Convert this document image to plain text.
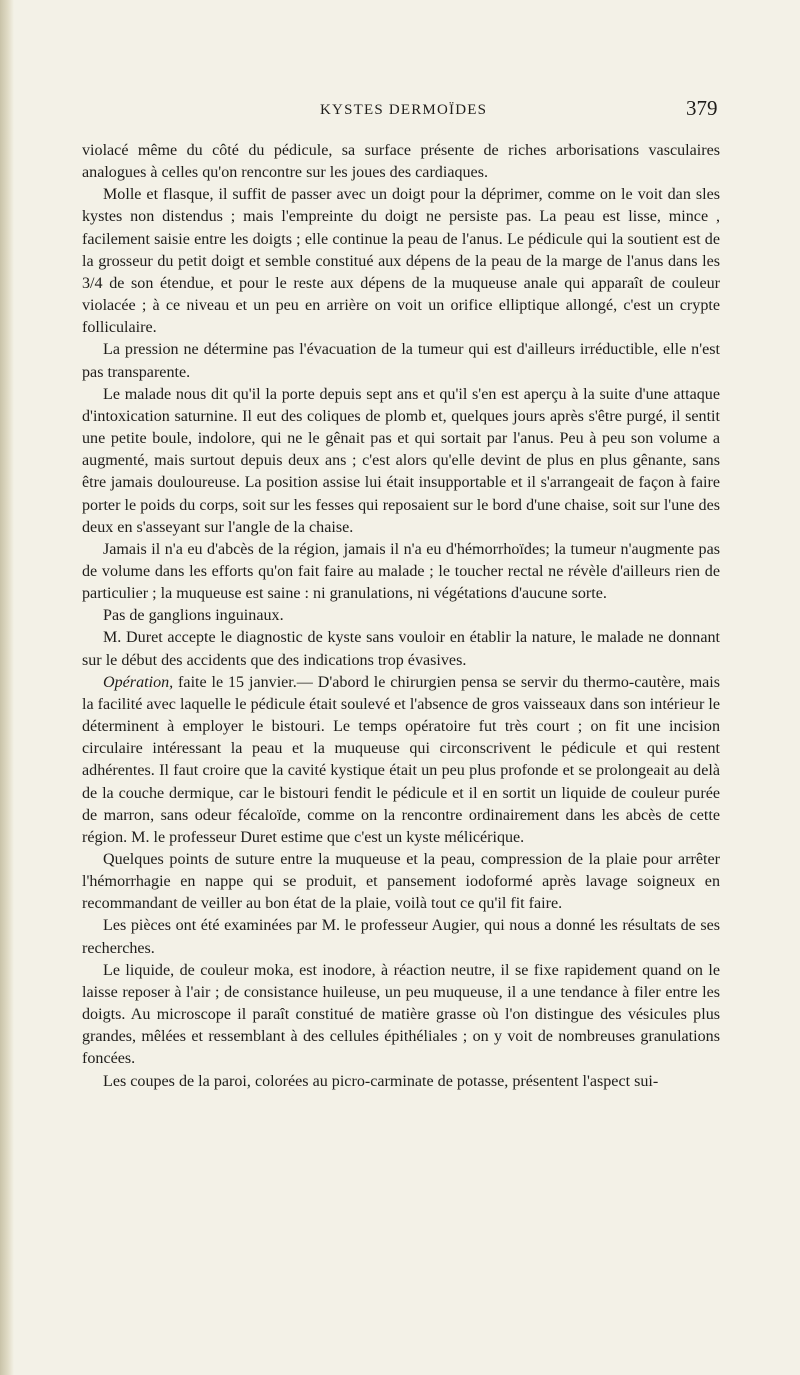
KYSTES DERMOÏDES	379

violacé même du côté du pédicule, sa surface présente de riches arborisations vasculaires analogues à celles qu'on rencontre sur les joues des cardiaques.

Molle et flasque, il suffit de passer avec un doigt pour la déprimer, comme on le voit dan sles kystes non distendus ; mais l'empreinte du doigt ne persiste pas. La peau est lisse, mince , facilement saisie entre les doigts ; elle continue la peau de l'anus. Le pédicule qui la soutient est de la grosseur du petit doigt et semble constitué aux dépens de la peau de la marge de l'anus dans les 3/4 de son étendue, et pour le reste aux dépens de la muqueuse anale qui apparaît de couleur violacée ; à ce niveau et un peu en arrière on voit un orifice elliptique allongé, c'est un crypte folliculaire.

La pression ne détermine pas l'évacuation de la tumeur qui est d'ailleurs irréductible, elle n'est pas transparente.

Le malade nous dit qu'il la porte depuis sept ans et qu'il s'en est aperçu à la suite d'une attaque d'intoxication saturnine. Il eut des coliques de plomb et, quelques jours après s'être purgé, il sentit une petite boule, indolore, qui ne le gênait pas et qui sortait par l'anus. Peu à peu son volume a augmenté, mais surtout depuis deux ans ; c'est alors qu'elle devint de plus en plus gênante, sans être jamais douloureuse. La position assise lui était insupportable et il s'arrangeait de façon à faire porter le poids du corps, soit sur les fesses qui reposaient sur le bord d'une chaise, soit sur l'une des deux en s'asseyant sur l'angle de la chaise.

Jamais il n'a eu d'abcès de la région, jamais il n'a eu d'hémorrhoïdes; la tumeur n'augmente pas de volume dans les efforts qu'on fait faire au malade ; le toucher rectal ne révèle d'ailleurs rien de particulier ; la muqueuse est saine : ni granulations, ni végétations d'aucune sorte.

Pas de ganglions inguinaux.

M. Duret accepte le diagnostic de kyste sans vouloir en établir la nature, le malade ne donnant sur le début des accidents que des indications trop évasives.

Opération, faite le 15 janvier.— D'abord le chirurgien pensa se servir du thermo-cautère, mais la facilité avec laquelle le pédicule était soulevé et l'absence de gros vaisseaux dans son intérieur le déterminent à employer le bistouri. Le temps opératoire fut très court ; on fit une incision circulaire intéressant la peau et la muqueuse qui circonscrivent le pédicule et qui restent adhérentes. Il faut croire que la cavité kystique était un peu plus profonde et se prolongeait au delà de la couche dermique, car le bistouri fendit le pédicule et il en sortit un liquide de couleur purée de marron, sans odeur fécaloïde, comme on la rencontre ordinairement dans les abcès de cette région. M. le professeur Duret estime que c'est un kyste mélicérique.

Quelques points de suture entre la muqueuse et la peau, compression de la plaie pour arrêter l'hémorrhagie en nappe qui se produit, et pansement iodoformé après lavage soigneux en recommandant de veiller au bon état de la plaie, voilà tout ce qu'il fit faire.

Les pièces ont été examinées par M. le professeur Augier, qui nous a donné les résultats de ses recherches.

Le liquide, de couleur moka, est inodore, à réaction neutre, il se fixe rapidement quand on le laisse reposer à l'air ; de consistance huileuse, un peu muqueuse, il a une tendance à filer entre les doigts. Au microscope il paraît constitué de matière grasse où l'on distingue des vésicules plus grandes, mêlées et ressemblant à des cellules épithéliales ; on y voit de nombreuses granulations foncées.

Les coupes de la paroi, colorées au picro-carminate de potasse, présentent l'aspect sui-
